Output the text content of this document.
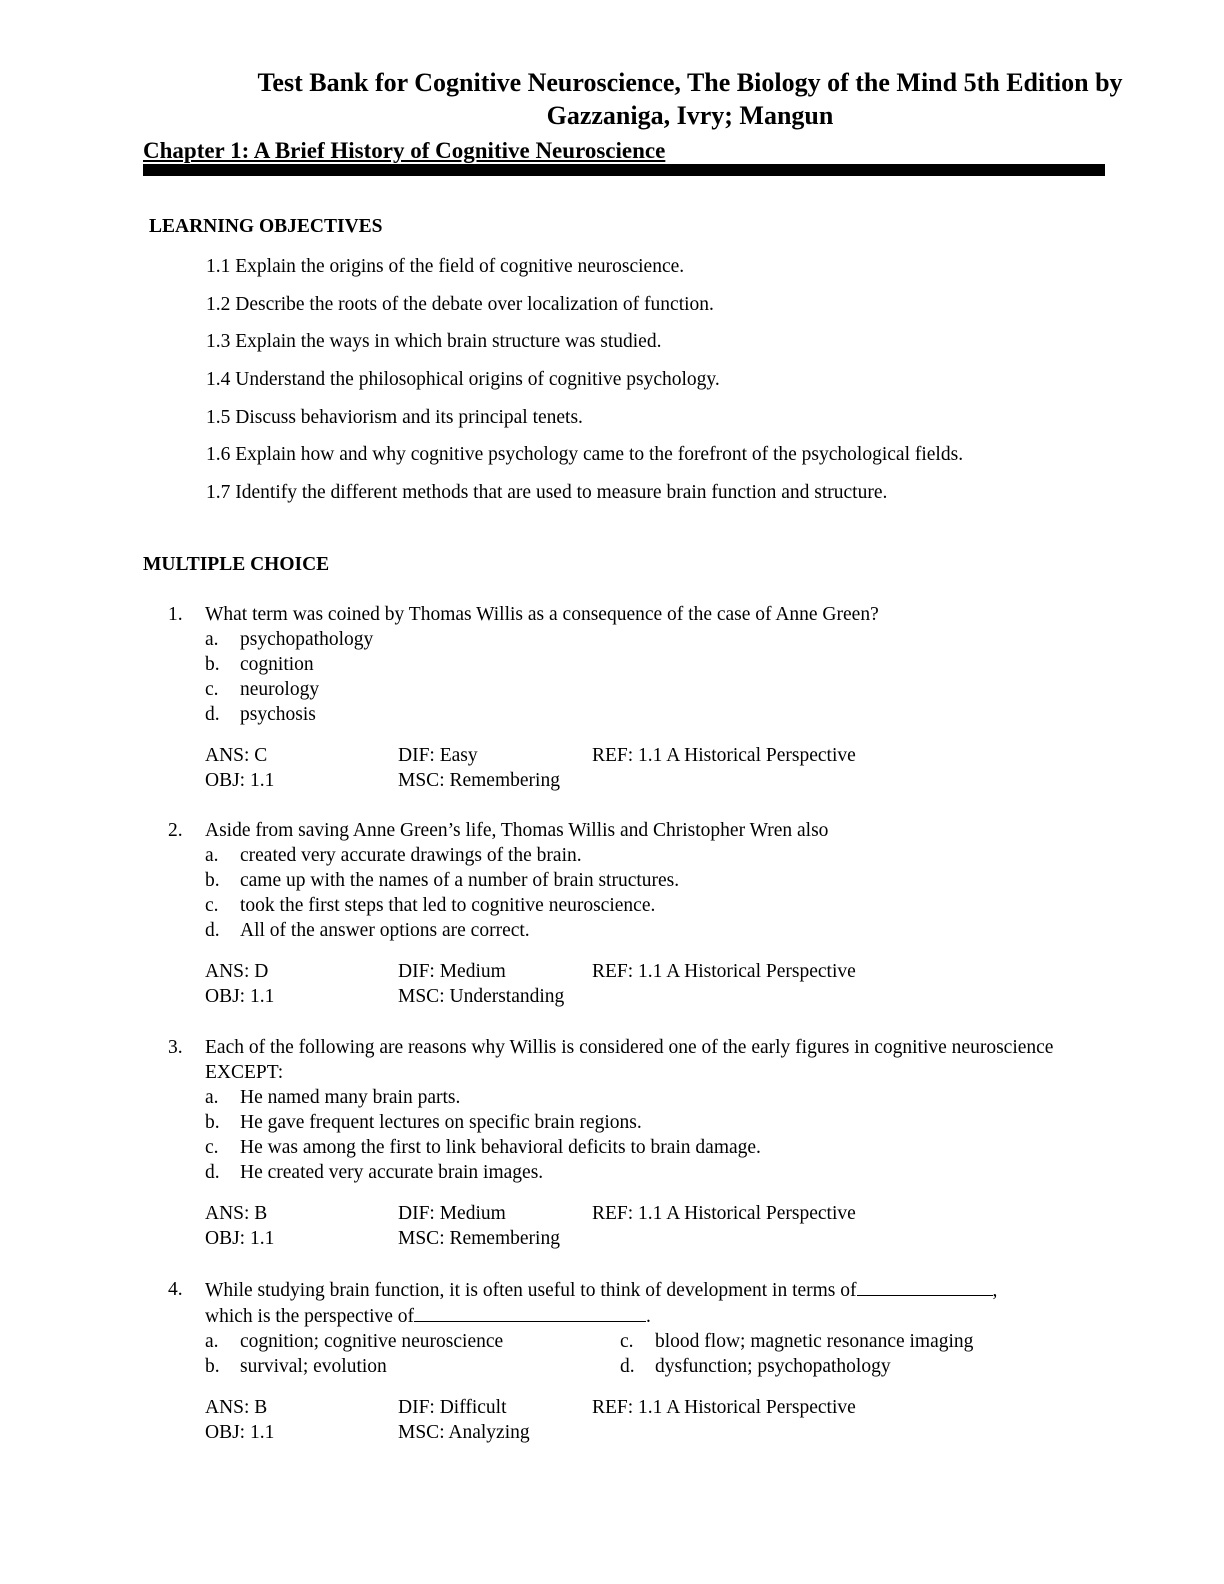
Test Bank for Cognitive Neuroscience, The Biology of the Mind 5th Edition by
Gazzaniga, Ivry; Mangun
Chapter 1: A Brief History of Cognitive Neuroscience
LEARNING OBJECTIVES
1.1 Explain the origins of the field of cognitive neuroscience.
1.2 Describe the roots of the debate over localization of function.
1.3 Explain the ways in which brain structure was studied.
1.4 Understand the philosophical origins of cognitive psychology.
1.5 Discuss behaviorism and its principal tenets.
1.6 Explain how and why cognitive psychology came to the forefront of the psychological fields.
1.7 Identify the different methods that are used to measure brain function and structure.
MULTIPLE CHOICE
1.	What term was coined by Thomas Willis as a consequence of the case of Anne Green?
a.	psychopathology
b.	cognition
c.	neurology
d.	psychosis
ANS: C	DIF: Easy	REF: 1.1 A Historical Perspective
OBJ: 1.1	MSC: Remembering
2.	Aside from saving Anne Green’s life, Thomas Willis and Christopher Wren also
a.	created very accurate drawings of the brain.
b.	came up with the names of a number of brain structures.
c.	took the first steps that led to cognitive neuroscience.
d.	All of the answer options are correct.
ANS: D	DIF: Medium	REF: 1.1 A Historical Perspective
OBJ: 1.1	MSC: Understanding
3.	Each of the following are reasons why Willis is considered one of the early figures in cognitive neuroscience EXCEPT:
a.	He named many brain parts.
b.	He gave frequent lectures on specific brain regions.
c.	He was among the first to link behavioral deficits to brain damage.
d.	He created very accurate brain images.
ANS: B	DIF: Medium	REF: 1.1 A Historical Perspective
OBJ: 1.1	MSC: Remembering
4.	While studying brain function, it is often useful to think of development in terms of	,
which is the perspective of	.
a.	cognition; cognitive neuroscience	c.	blood flow; magnetic resonance imaging
b.	survival; evolution	d.	dysfunction; psychopathology
ANS: B	DIF: Difficult	REF: 1.1 A Historical Perspective
OBJ: 1.1	MSC: Analyzing
